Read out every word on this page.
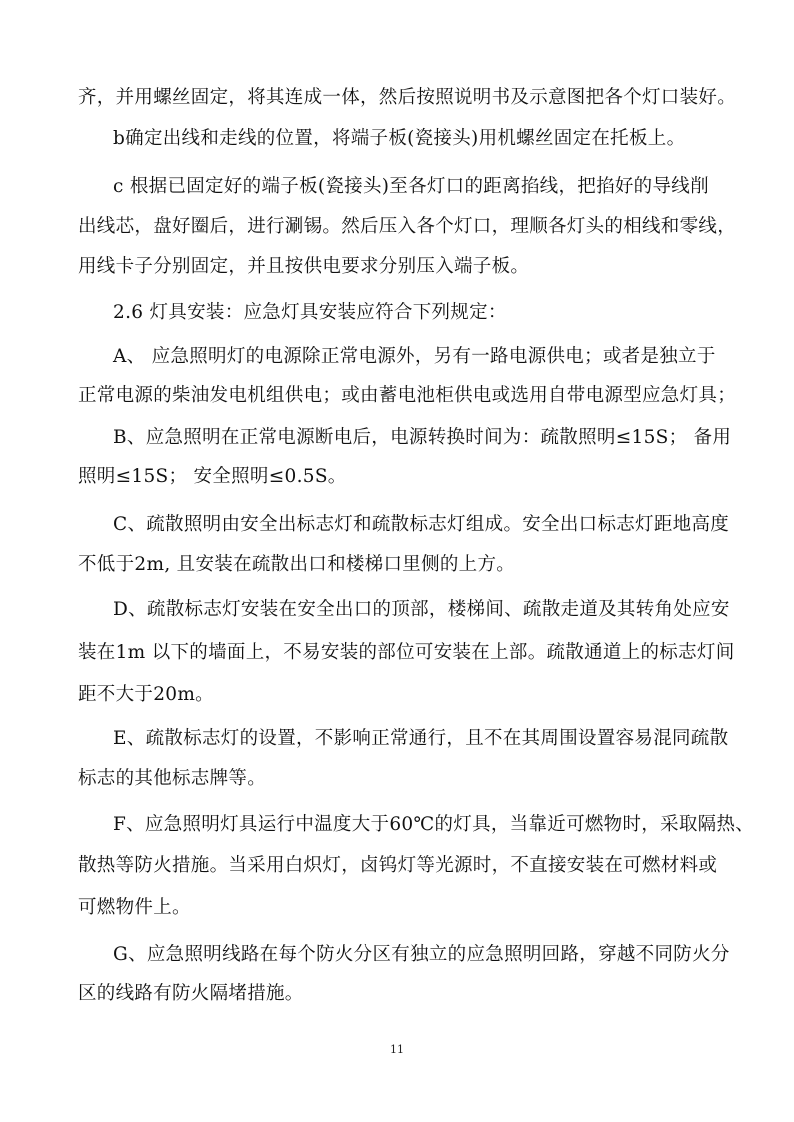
齐，并用螺丝固定，将其连成一体，然后按照说明书及示意图把各个灯口装好。
b确定出线和走线的位置，将端子板(瓷接头)用机螺丝固定在托板上。
c 根据已固定好的端子板(瓷接头)至各灯口的距离掐线，把掐好的导线削
出线芯，盘好圈后，进行涮锡。然后压入各个灯口，理顺各灯头的相线和零线，
用线卡子分别固定，并且按供电要求分别压入端子板。
2.6 灯具安装：应急灯具安装应符合下列规定：
A、 应急照明灯的电源除正常电源外，另有一路电源供电；或者是独立于
正常电源的柴油发电机组供电；或由蓄电池柜供电或选用自带电源型应急灯具；
B、应急照明在正常电源断电后，电源转换时间为：疏散照明≤15S； 备用
照明≤15S； 安全照明≤0.5S。
C、疏散照明由安全出标志灯和疏散标志灯组成。安全出口标志灯距地高度
不低于2m, 且安装在疏散出口和楼梯口里侧的上方。
D、疏散标志灯安装在安全出口的顶部，楼梯间、疏散走道及其转角处应安
装在1m 以下的墙面上，不易安装的部位可安装在上部。疏散通道上的标志灯间
距不大于20m。
E、疏散标志灯的设置，不影响正常通行，且不在其周围设置容易混同疏散
标志的其他标志牌等。
F、应急照明灯具运行中温度大于60℃的灯具，当靠近可燃物时，采取隔热、
散热等防火措施。当采用白炽灯，卤钨灯等光源时，不直接安装在可燃材料或
可燃物件上。
G、应急照明线路在每个防火分区有独立的应急照明回路，穿越不同防火分
区的线路有防火隔堵措施。
11
